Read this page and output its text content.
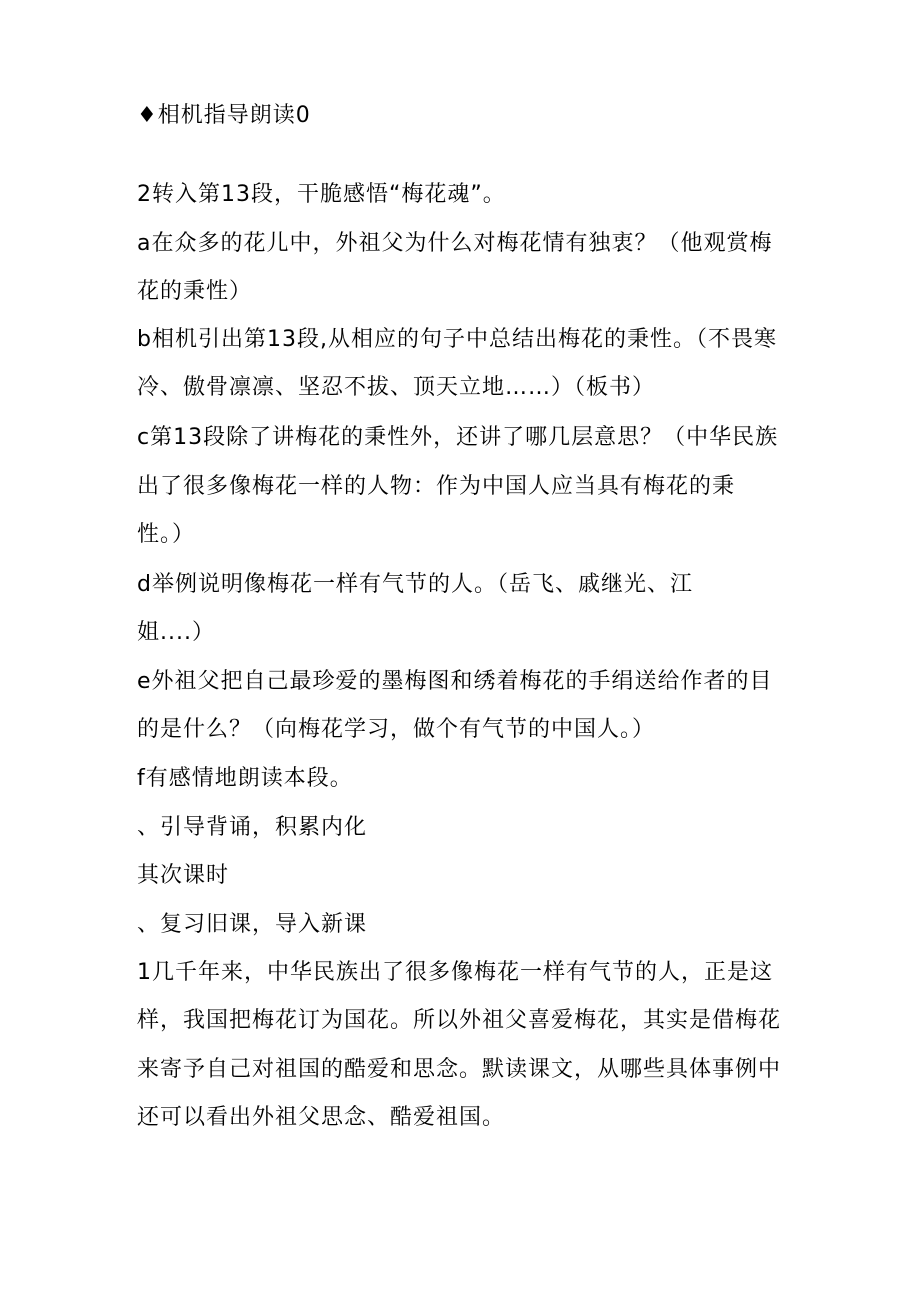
♦相机指导朗读0
2转入第13段，干脆感悟“梅花魂”。
a在众多的花儿中，外祖父为什么对梅花情有独衷？（他观赏梅
花的秉性）
b相机引出第13段,从相应的句子中总结出梅花的秉性。（不畏寒
冷、傲骨凛凛、坚忍不拔、顶天立地……）（板书）
c第13段除了讲梅花的秉性外，还讲了哪几层意思？（中华民族
出了很多像梅花一样的人物：作为中国人应当具有梅花的秉
性。）
d举例说明像梅花一样有气节的人。（岳飞、戚继光、江
姐....）
e外祖父把自己最珍爱的墨梅图和绣着梅花的手绢送给作者的目
的是什么？（向梅花学习，做个有气节的中国人。）
f有感情地朗读本段。
、引导背诵，积累内化
其次课时
、复习旧课，导入新课
1几千年来，中华民族出了很多像梅花一样有气节的人，正是这
样，我国把梅花订为国花。所以外祖父喜爱梅花，其实是借梅花
来寄予自己对祖国的酷爱和思念。默读课文，从哪些具体事例中
还可以看出外祖父思念、酷爱祖国。
